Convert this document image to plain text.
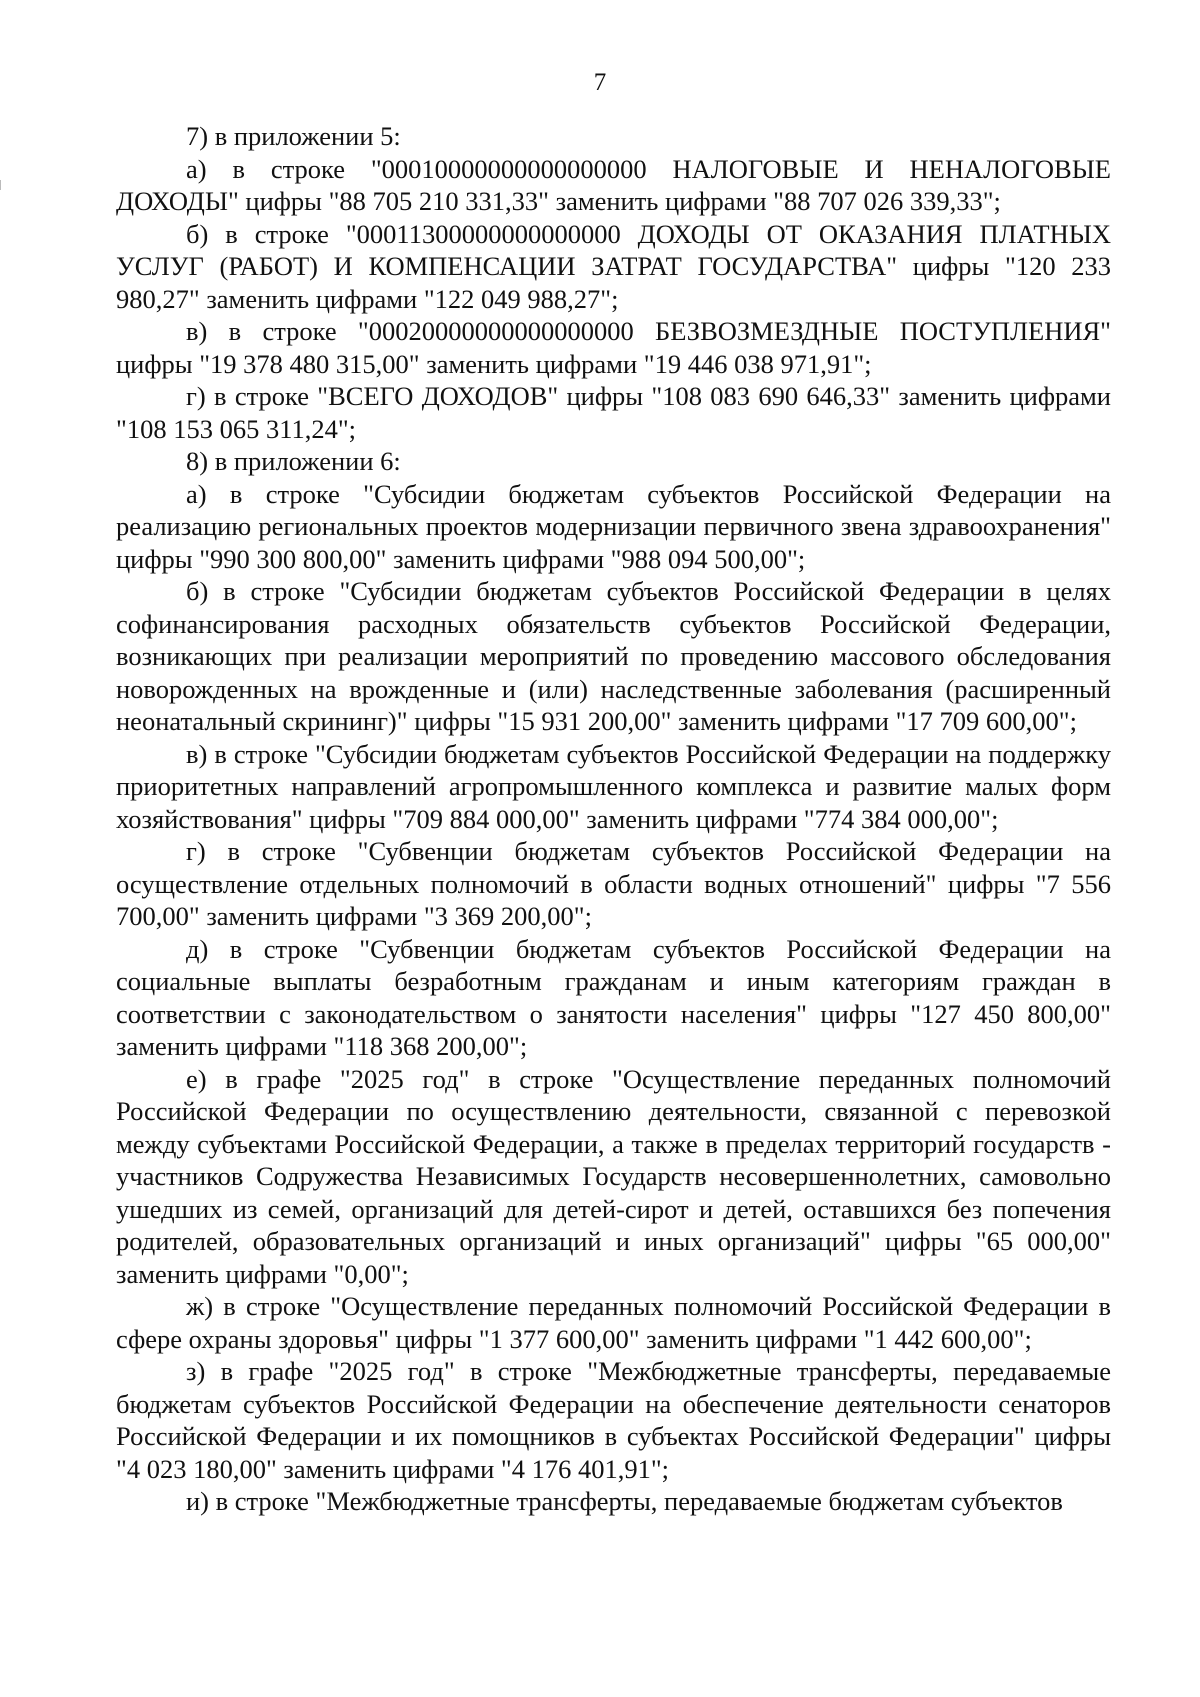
7

7) в приложении 5:

а) в строке "00010000000000000000 НАЛОГОВЫЕ И НЕНАЛОГОВЫЕ ДОХОДЫ" цифры "88 705 210 331,33" заменить цифрами "88 707 026 339,33";

б) в строке "00011300000000000000 ДОХОДЫ ОТ ОКАЗАНИЯ ПЛАТНЫХ УСЛУГ (РАБОТ) И КОМПЕНСАЦИИ ЗАТРАТ ГОСУДАРСТВА" цифры "120 233 980,27" заменить цифрами "122 049 988,27";

в) в строке "00020000000000000000 БЕЗВОЗМЕЗДНЫЕ ПОСТУПЛЕНИЯ" цифры "19 378 480 315,00" заменить цифрами "19 446 038 971,91";

г) в строке "ВСЕГО ДОХОДОВ" цифры "108 083 690 646,33" заменить цифрами "108 153 065 311,24";

8) в приложении 6:

а) в строке "Субсидии бюджетам субъектов Российской Федерации на реализацию региональных проектов модернизации первичного звена здравоохранения" цифры "990 300 800,00" заменить цифрами "988 094 500,00";

б) в строке "Субсидии бюджетам субъектов Российской Федерации в целях софинансирования расходных обязательств субъектов Российской Федерации, возникающих при реализации мероприятий по проведению массового обследования новорожденных на врожденные и (или) наследственные заболевания (расширенный неонатальный скрининг)" цифры "15 931 200,00" заменить цифрами "17 709 600,00";

в) в строке "Субсидии бюджетам субъектов Российской Федерации на поддержку приоритетных направлений агропромышленного комплекса и развитие малых форм хозяйствования" цифры "709 884 000,00" заменить цифрами "774 384 000,00";

г) в строке "Субвенции бюджетам субъектов Российской Федерации на осуществление отдельных полномочий в области водных отношений" цифры "7 556 700,00" заменить цифрами "3 369 200,00";

д) в строке "Субвенции бюджетам субъектов Российской Федерации на социальные выплаты безработным гражданам и иным категориям граждан в соответствии с законодательством о занятости населения" цифры "127 450 800,00" заменить цифрами "118 368 200,00";

е) в графе "2025 год" в строке "Осуществление переданных полномочий Российской Федерации по осуществлению деятельности, связанной с перевозкой между субъектами Российской Федерации, а также в пределах территорий государств - участников Содружества Независимых Государств несовершеннолетних, самовольно ушедших из семей, организаций для детей-сирот и детей, оставшихся без попечения родителей, образовательных организаций и иных организаций" цифры "65 000,00" заменить цифрами "0,00";

ж) в строке "Осуществление переданных полномочий Российской Федерации в сфере охраны здоровья" цифры "1 377 600,00" заменить цифрами "1 442 600,00";

з) в графе "2025 год" в строке "Межбюджетные трансферты, передаваемые бюджетам субъектов Российской Федерации на обеспечение деятельности сенаторов Российской Федерации и их помощников в субъектах Российской Федерации" цифры "4 023 180,00" заменить цифрами "4 176 401,91";

и) в строке "Межбюджетные трансферты, передаваемые бюджетам субъектов
